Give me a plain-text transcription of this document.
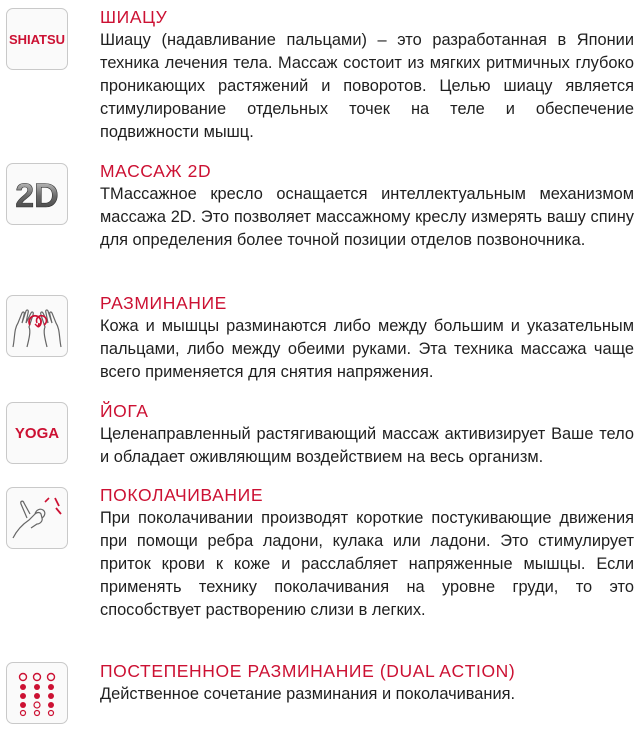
SHIATSU
ШИАЦУ

Шиацу (надавливание пальцами) – это разработанная в Японии техника лечения тела. Массаж состоит из мягких ритмичных глубоко проникающих растяжений и поворотов. Целью шиацу является стимулирование отдельных точек на теле и обеспечение подвижности мышц.

2D
МАССАЖ 2D

ТМассажное кресло оснащается интеллектуальным механизмом массажа 2D. Это позволяет массажному креслу измерять вашу спину для определения более точной позиции отделов позвоночника.

РАЗМИНАНИЕ

Кожа и мышцы разминаются либо между большим и указательным пальцами, либо между обеими руками. Эта техника массажа чаще всего применяется для снятия напряжения.

YOGA
ЙОГА

Целенаправленный растягивающий массаж активизирует Ваше тело и обладает оживляющим воздействием на весь организм.

ПОКОЛАЧИВАНИЕ

При поколачивании производят короткие постукивающие движения при помощи ребра ладони, кулака или ладони. Это стимулирует приток крови к коже и расслабляет напряженные мышцы. Если применять технику поколачивания на уровне груди, то это способствует растворению слизи в легких.

ПОСТЕПЕННОЕ РАЗМИНАНИЕ (DUAL ACTION)

Действенное сочетание разминания и поколачивания.
